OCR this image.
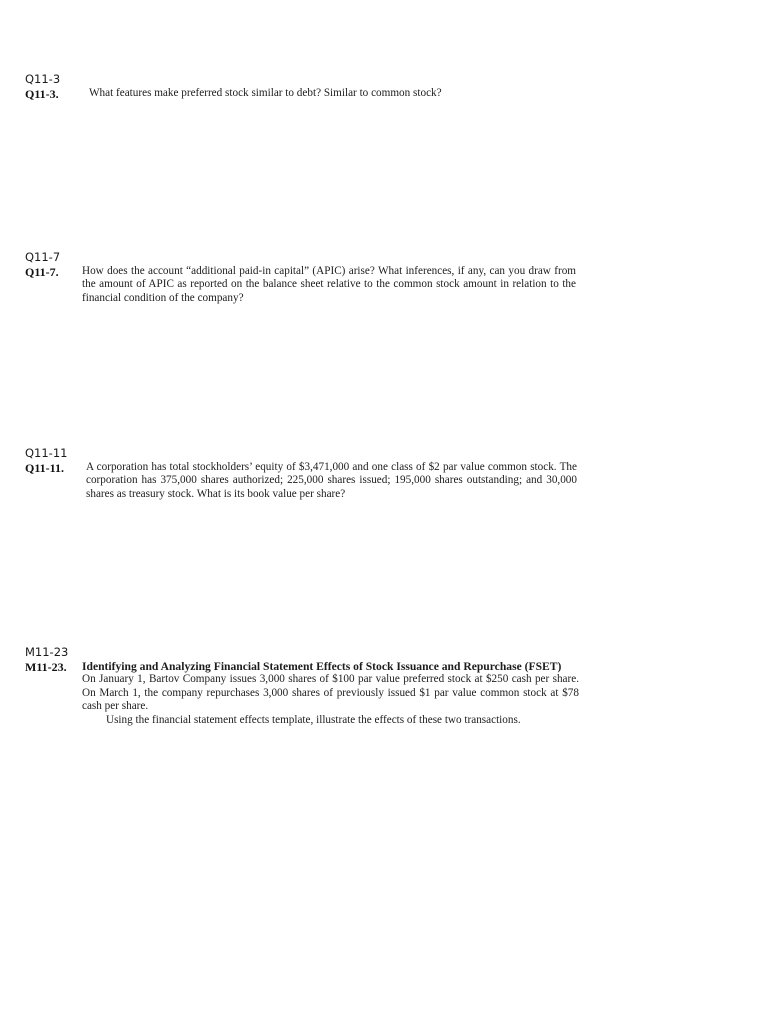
Q11-3
Q11-3.	What features make preferred stock similar to debt? Similar to common stock?
Q11-7
Q11-7.	How does the account “additional paid-in capital” (APIC) arise? What inferences, if any, can you draw from the amount of APIC as reported on the balance sheet relative to the common stock amount in relation to the financial condition of the company?
Q11-11
Q11-11.	A corporation has total stockholders’ equity of $3,471,000 and one class of $2 par value common stock. The corporation has 375,000 shares authorized; 225,000 shares issued; 195,000 shares outstanding; and 30,000 shares as treasury stock. What is its book value per share?
M11-23
M11-23.	Identifying and Analyzing Financial Statement Effects of Stock Issuance and Repurchase (FSET)

On January 1, Bartov Company issues 3,000 shares of $100 par value preferred stock at $250 cash per share. On March 1, the company repurchases 3,000 shares of previously issued $1 par value common stock at $78 cash per share.

Using the financial statement effects template, illustrate the effects of these two transactions.
